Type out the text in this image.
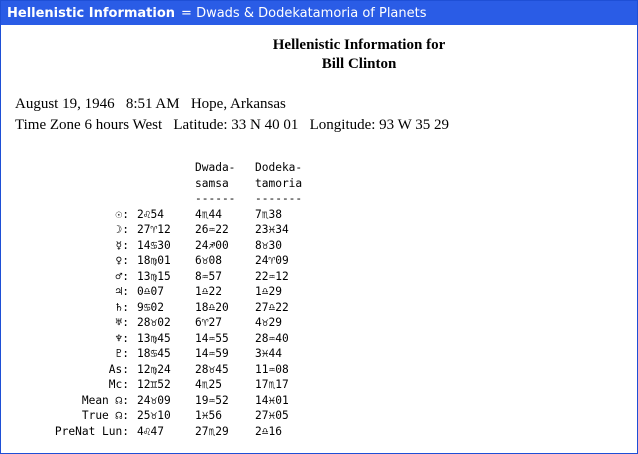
Hellenistic Information = Dwads & Dodekatamoria of Planets
Hellenistic Information for
Bill Clinton
August 19, 1946   8:51 AM   Hope, Arkansas
Time Zone 6 hours West   Latitude: 33 N 40 01   Longitude: 93 W 35 29
Dwada- Dodeka-
samsa tamoria
------ -------
☉: 2♌54	4♏44	7♏38
☽: 27♈12 26♒22 23♓34
☿: 14♋30 24♐00 8♉30
♀: 18♍01 6♉08	24♈09
♂: 13♍15 8♒57	22♒12
♃: 0♎07	1♎22	1♎29
♄: 9♋02	18♎20 27♎22
♅: 28♉02 6♈27	4♉29
♆: 13♍45 14♒55 28♒40
♇: 18♋45 14♒59 3♓44
As: 12♍24 28♉45 11♒08
Mc: 12♊52 4♏25	17♏17
Mean ☊: 24♉09 19♒52 14♓01
True ☊: 25♉10 1♓56	27♓05
PreNat Lun: 4♌47	27♏29 2♎16
